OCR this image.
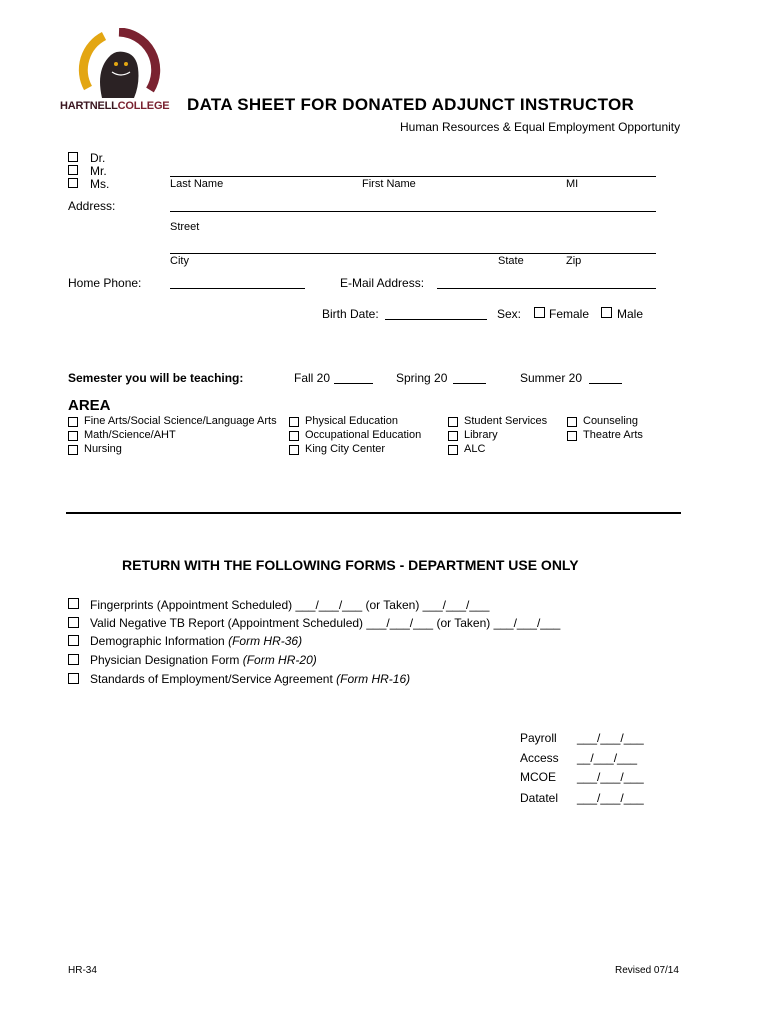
HARTNELLCOLLEGE DATA SHEET FOR DONATED ADJUNCT INSTRUCTOR
Human Resources & Equal Employment Opportunity
Dr.
Mr.
Ms.	Last Name	First Name	MI
Address:
Street
City	State	Zip
Home Phone:	E-Mail Address:
Birth Date:	Sex: Female Male
Semester you will be teaching:	Fall 20	Spring 20	Summer 20
AREA
Fine Arts/Social Science/Language Arts
Math/Science/AHT
Nursing
Physical Education
Occupational Education
King City Center
Student Services
Library
ALC
Counseling
Theatre Arts
RETURN WITH THE FOLLOWING FORMS - DEPARTMENT USE ONLY
Fingerprints (Appointment Scheduled) ___/___/___ (or Taken) ___/___/___
Valid Negative TB Report (Appointment Scheduled) ___/___/___ (or Taken) ___/___/___
Demographic Information (Form HR-36)
Physician Designation Form (Form HR-20)
Standards of Employment/Service Agreement (Form HR-16)
Payroll ___/___/___
Access __/___/___
MCOE ___/___/___
Datatel ___/___/___
HR-34	Revised 07/14
